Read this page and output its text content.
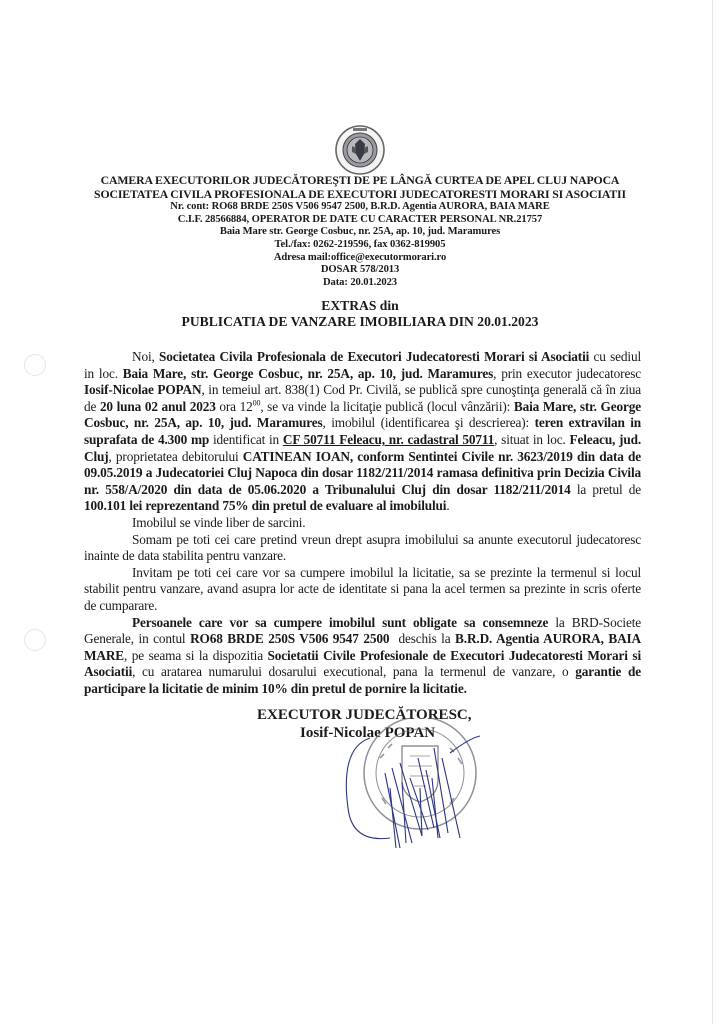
CAMERA EXECUTORILOR JUDECĂTOREŞTI DE PE LÂNGĂ CURTEA DE APEL CLUJ NAPOCA
SOCIETATEA CIVILA PROFESIONALA DE EXECUTORI JUDECATORESTI MORARI SI ASOCIATII
Nr. cont: RO68 BRDE 250S V506 9547 2500, B.R.D. Agentia AURORA, BAIA MARE
C.I.F. 28566884, OPERATOR DE DATE CU CARACTER PERSONAL NR.21757
Baia Mare str. George Cosbuc, nr. 25A, ap. 10, jud. Maramures
Tel./fax: 0262-219596, fax 0362-819905
Adresa mail:office@executormorari.ro
DOSAR 578/2013
Data: 20.01.2023
EXTRAS din
PUBLICATIA DE VANZARE IMOBILIARA DIN 20.01.2023

Noi, Societatea Civila Profesionala de Executori Judecatoresti Morari si Asociatii cu sediul in loc. Baia Mare, str. George Cosbuc, nr. 25A, ap. 10, jud. Maramures, prin executor judecatoresc Iosif-Nicolae POPAN, in temeiul art. 838(1) Cod Pr. Civilă, se publică spre cunoştinţa generală că în ziua de 20 luna 02 anul 2023 ora $12^{00}$, se va vinde la licitaţie publică (locul vânzării): Baia Mare, str. George Cosbuc, nr. 25A, ap. 10, jud. Maramures, imobilul (identificarea şi descrierea): teren extravilan in suprafata de 4.300 mp identificat in CF 50711 Feleacu, nr. cadastral 50711, situat in loc. Feleacu, jud. Cluj, proprietatea debitorului CATINEAN IOAN, conform Sentintei Civile nr. 3623/2019 din data de 09.05.2019 a Judecatoriei Cluj Napoca din dosar 1182/211/2014 ramasa definitiva prin Decizia Civila nr. 558/A/2020 din data de 05.06.2020 a Tribunalului Cluj din dosar 1182/211/2014 la pretul de 100.101 lei reprezentand 75% din pretul de evaluare al imobilului.

Imobilul se vinde liber de sarcini.

Somam pe toti cei care pretind vreun drept asupra imobilului sa anunte executorul judecatoresc inainte de data stabilita pentru vanzare.

Invitam pe toti cei care vor sa cumpere imobilul la licitatie, sa se prezinte la termenul si locul stabilit pentru vanzare, avand asupra lor acte de identitate si pana la acel termen sa prezinte in scris oferte de cumparare.

Persoanele care vor sa cumpere imobilul sunt obligate sa consemneze la BRD-Societe Generale, in contul RO68 BRDE 250S V506 9547 2500  deschis la B.R.D. Agentia AURORA, BAIA MARE, pe seama si la dispozitia Societatii Civile Profesionale de Executori Judecatoresti Morari si Asociatii, cu aratarea numarului dosarului executional, pana la termenul de vanzare, o garantie de participare la licitatie de minim 10% din pretul de pornire la licitatie.

EXECUTOR JUDECĂTORESC,
Iosif-Nicolae POPAN
